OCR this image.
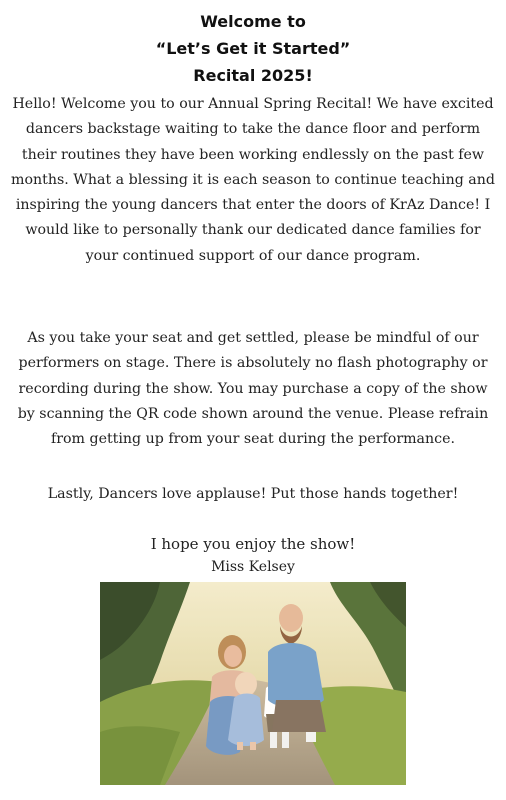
Welcome to
“Let’s Get it Started”
Recital 2025!
Hello! Welcome you to our Annual Spring Recital! We have excited dancers backstage waiting to take the dance floor and perform their routines they have been working endlessly on the past few months. What a blessing it is each season to continue teaching and inspiring the young dancers that enter the doors of KrAz Dance! I would like to personally thank our dedicated dance families for your continued support of our dance program.
As you take your seat and get settled, please be mindful of our performers on stage. There is absolutely no flash photography or recording during the show. You may purchase a copy of the show by scanning the QR code shown around the venue. Please refrain from getting up from your seat during the performance.
Lastly, Dancers love applause! Put those hands together!
I hope you enjoy the show!
Miss Kelsey
